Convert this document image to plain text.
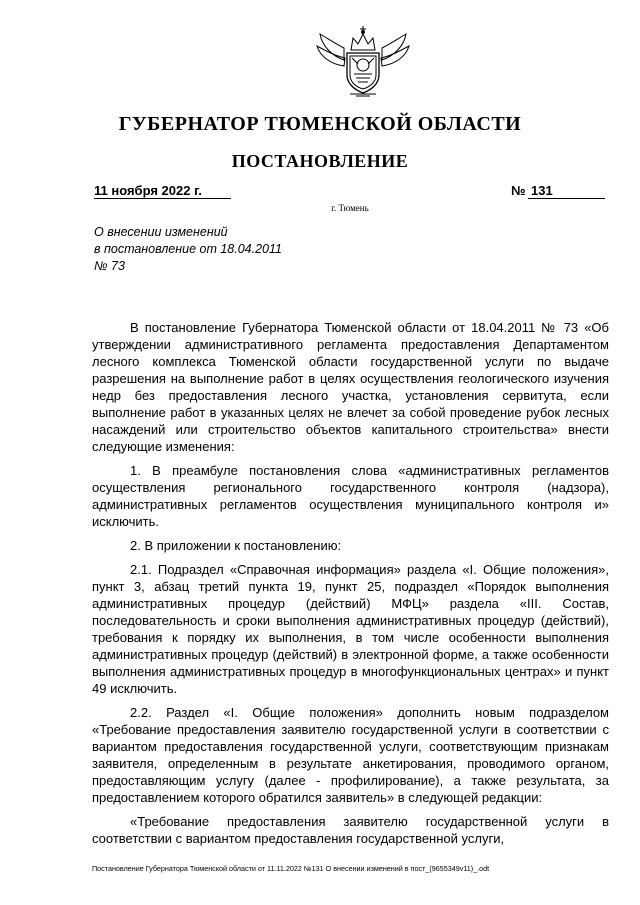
ГУБЕРНАТОР ТЮМЕНСКОЙ ОБЛАСТИ
ПОСТАНОВЛЕНИЕ
11 ноября 2022 г.	№ 131
г. Тюмень
О внесении изменений
в постановление от 18.04.2011
№ 73

В постановление Губернатора Тюменской области от 18.04.2011 № 73 «Об утверждении административного регламента предоставления Департаментом лесного комплекса Тюменской области государственной услуги по выдаче разрешения на выполнение работ в целях осуществления геологического изучения недр без предоставления лесного участка, установления сервитута, если выполнение работ в указанных целях не влечет за собой проведение рубок лесных насаждений или строительство объектов капитального строительства» внести следующие изменения:

1. В преамбуле постановления слова «административных регламентов осуществления регионального государственного контроля (надзора), административных регламентов осуществления муниципального контроля и» исключить.

2. В приложении к постановлению:

2.1. Подраздел «Справочная информация» раздела «I. Общие положения», пункт 3, абзац третий пункта 19, пункт 25, подраздел «Порядок выполнения административных процедур (действий) МФЦ» раздела «III. Состав, последовательность и сроки выполнения административных процедур (действий), требования к порядку их выполнения, в том числе особенности выполнения административных процедур (действий) в электронной форме, а также особенности выполнения административных процедур в многофункциональных центрах» и пункт 49 исключить.

2.2. Раздел «I. Общие положения» дополнить новым подразделом «Требование предоставления заявителю государственной услуги в соответствии с вариантом предоставления государственной услуги, соответствующим признакам заявителя, определенным в результате анкетирования, проводимого органом, предоставляющим услугу (далее - профилирование), а также результата, за предоставлением которого обратился заявитель» в следующей редакции:

«Требование предоставления заявителю государственной услуги в соответствии с вариантом предоставления государственной услуги,

Постановление Губернатора Тюменской области от 11.11.2022 №131 О внесении изменений в пост_(9655349v11)_.odt
